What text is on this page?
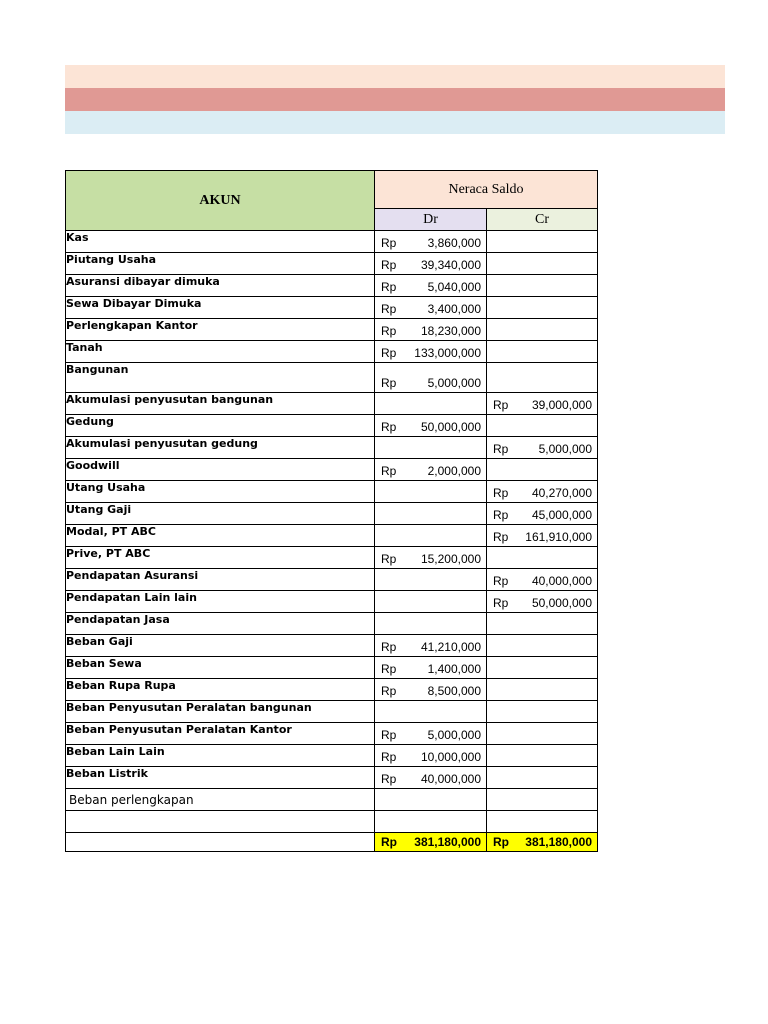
AKUN	Neraca Saldo	
	Dr	Cr
Kas	Rp 3,860,000	

Piutang Usaha	Rp 39,340,000	

Asuransi dibayar dimuka	Rp 5,040,000	

Sewa Dibayar Dimuka	Rp 3,400,000	

Perlengkapan Kantor	Rp 18,230,000	

Tanah	Rp 133,000,000	

Bangunan	Rp 5,000,000	

Akumulasi penyusutan bangunan		Rp 39,000,000

Gedung	Rp 50,000,000	

Akumulasi penyusutan gedung		Rp 5,000,000

Goodwill	Rp 2,000,000	

Utang Usaha		Rp 40,270,000

Utang Gaji		Rp 45,000,000

Modal, PT ABC		Rp 161,910,000

Prive, PT ABC	Rp 15,200,000	

Pendapatan Asuransi		Rp 40,000,000

Pendapatan Lain lain		Rp 50,000,000

Pendapatan Jasa		
Beban Gaji	Rp 41,210,000	

Beban Sewa	Rp 1,400,000	

Beban Rupa Rupa	Rp 8,500,000	

Beban Penyusutan Peralatan bangunan		
Beban Penyusutan Peralatan Kantor	Rp 5,000,000	

Beban Lain Lain	Rp 10,000,000	

Beban Listrik	Rp 40,000,000	

Beban perlengkapan		

	Rp 381,180,000	Rp 381,180,000
